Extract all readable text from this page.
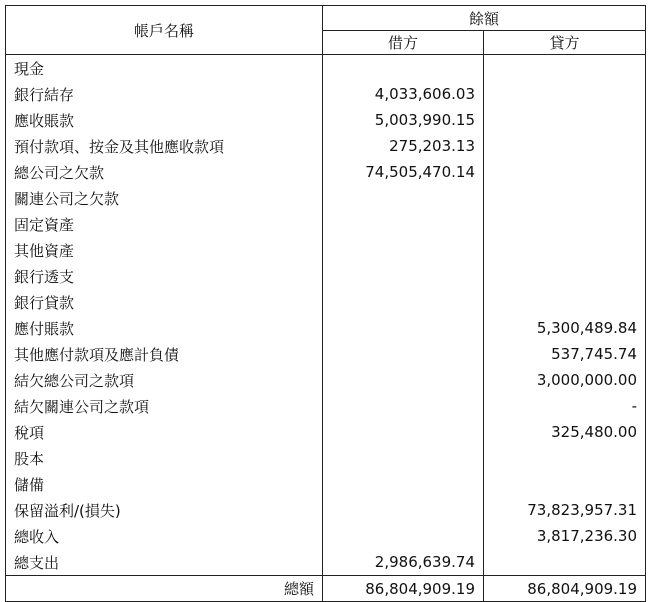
帳戶名稱	餘額	
	借方	貸方
現金		
銀行結存	4,033,606.03	
應收賬款	5,003,990.15	
預付款項、按金及其他應收款項	275,203.13	
總公司之欠款	74,505,470.14	
關連公司之欠款		
固定資產		
其他資產		
銀行透支		
銀行貸款		
應付賬款		5,300,489.84
其他應付款項及應計負債		537,745.74
結欠總公司之款項		3,000,000.00
結欠關連公司之款項		-
稅項		325,480.00
股本		
儲備		
保留溢利/(損失)		73,823,957.31
總收入		3,817,236.30
總支出	2,986,639.74	
總額	86,804,909.19	86,804,909.19
